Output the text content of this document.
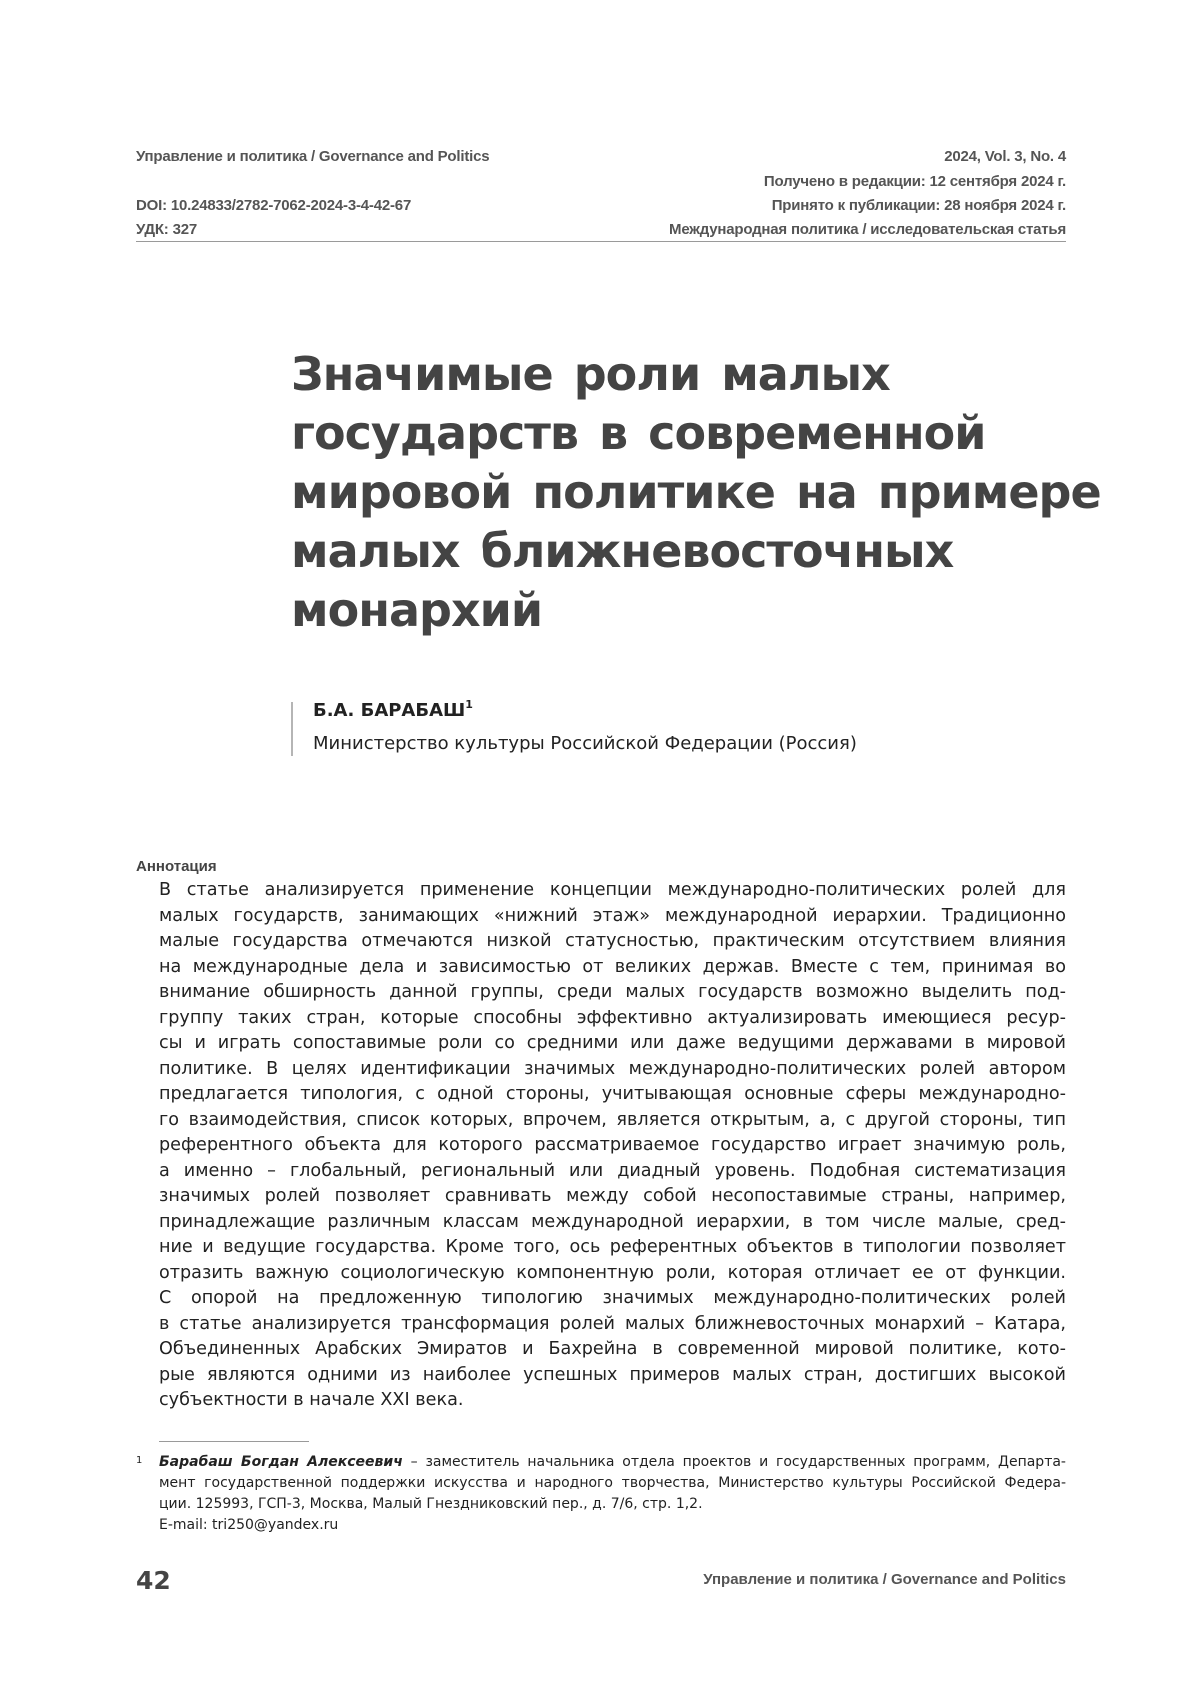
Управление и политика / Governance and Politics	2024, Vol. 3, No. 4
Получено в редакции: 12 сентября 2024 г.
DOI: 10.24833/2782-7062-2024-3-4-42-67	Принято к публикации: 28 ноября 2024 г.
УДК: 327	Международная политика / исследовательская статья
Значимые роли малых
государств в современной
мировой политике на примере
малых ближневосточных
монархий
Б.А. БАРАБАШ$^1$
Министерство культуры Российской Федерации (Россия)
Аннотация
В статье анализируется применение концепции международно-политических ролей для
малых государств, занимающих «нижний этаж» международной иерархии. Традиционно
малые государства отмечаются низкой статусностью, практическим отсутствием влияния
на международные дела и зависимостью от великих держав. Вместе с тем, принимая во
внимание обширность данной группы, среди малых государств возможно выделить под-
группу таких стран, которые способны эффективно актуализировать имеющиеся ресур-
сы и играть сопоставимые роли со средними или даже ведущими державами в мировой
политике. В целях идентификации значимых международно-политических ролей автором
предлагается типология, с одной стороны, учитывающая основные сферы международно-
го взаимодействия, список которых, впрочем, является открытым, а, с другой стороны, тип
референтного объекта для которого рассматриваемое государство играет значимую роль,
а именно – глобальный, региональный или диадный уровень. Подобная систематизация
значимых ролей позволяет сравнивать между собой несопоставимые страны, например,
принадлежащие различным классам международной иерархии, в том числе малые, сред-
ние и ведущие государства. Кроме того, ось референтных объектов в типологии позволяет
отразить важную социологическую компонентную роли, которая отличает ее от функции.
С опорой на предложенную типологию значимых международно-политических ролей
в статье анализируется трансформация ролей малых ближневосточных монархий – Катара,
Объединенных Арабских Эмиратов и Бахрейна в современной мировой политике, кото-
рые являются одними из наиболее успешных примеров малых стран, достигших высокой
субъектности в начале XXI века.
1 Барабаш Богдан Алексеевич – заместитель начальника отдела проектов и государственных программ, Департа-
мент государственной поддержки искусства и народного творчества, Министерство культуры Российской Федера-
ции. 125993, ГСП-3, Москва, Малый Гнездниковский пер., д. 7/6, стр. 1,2.
E-mail: tri250@yandex.ru
42	Управление и политика / Governance and Politics
